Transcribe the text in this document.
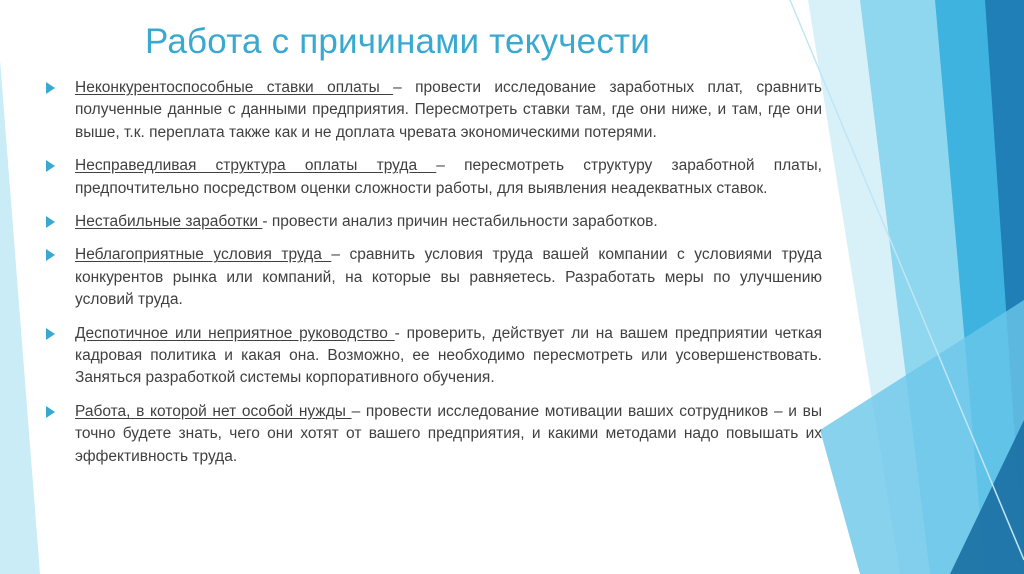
Работа с причинами текучести

Неконкурентоспособные ставки оплаты – провести исследование заработных плат, сравнить полученные данные с данными предприятия. Пересмотреть ставки там, где они ниже, и там, где они выше, т.к. переплата также как и не доплата чревата экономическими потерями.

Несправедливая структура оплаты труда – пересмотреть структуру заработной платы, предпочтительно посредством оценки сложности работы, для выявления неадекватных ставок.

Нестабильные заработки - провести анализ причин нестабильности заработков.

Неблагоприятные условия труда – сравнить условия труда вашей компании с условиями труда конкурентов рынка или компаний, на которые вы равняетесь. Разработать меры по улучшению условий труда.

Деспотичное или неприятное руководство - проверить, действует ли на вашем предприятии четкая кадровая политика и какая она. Возможно, ее необходимо пересмотреть или усовершенствовать. Заняться разработкой системы корпоративного обучения.

Работа, в которой нет особой нужды – провести исследование мотивации ваших сотрудников – и вы точно будете знать, чего они хотят от вашего предприятия, и какими методами надо повышать их эффективность труда.
